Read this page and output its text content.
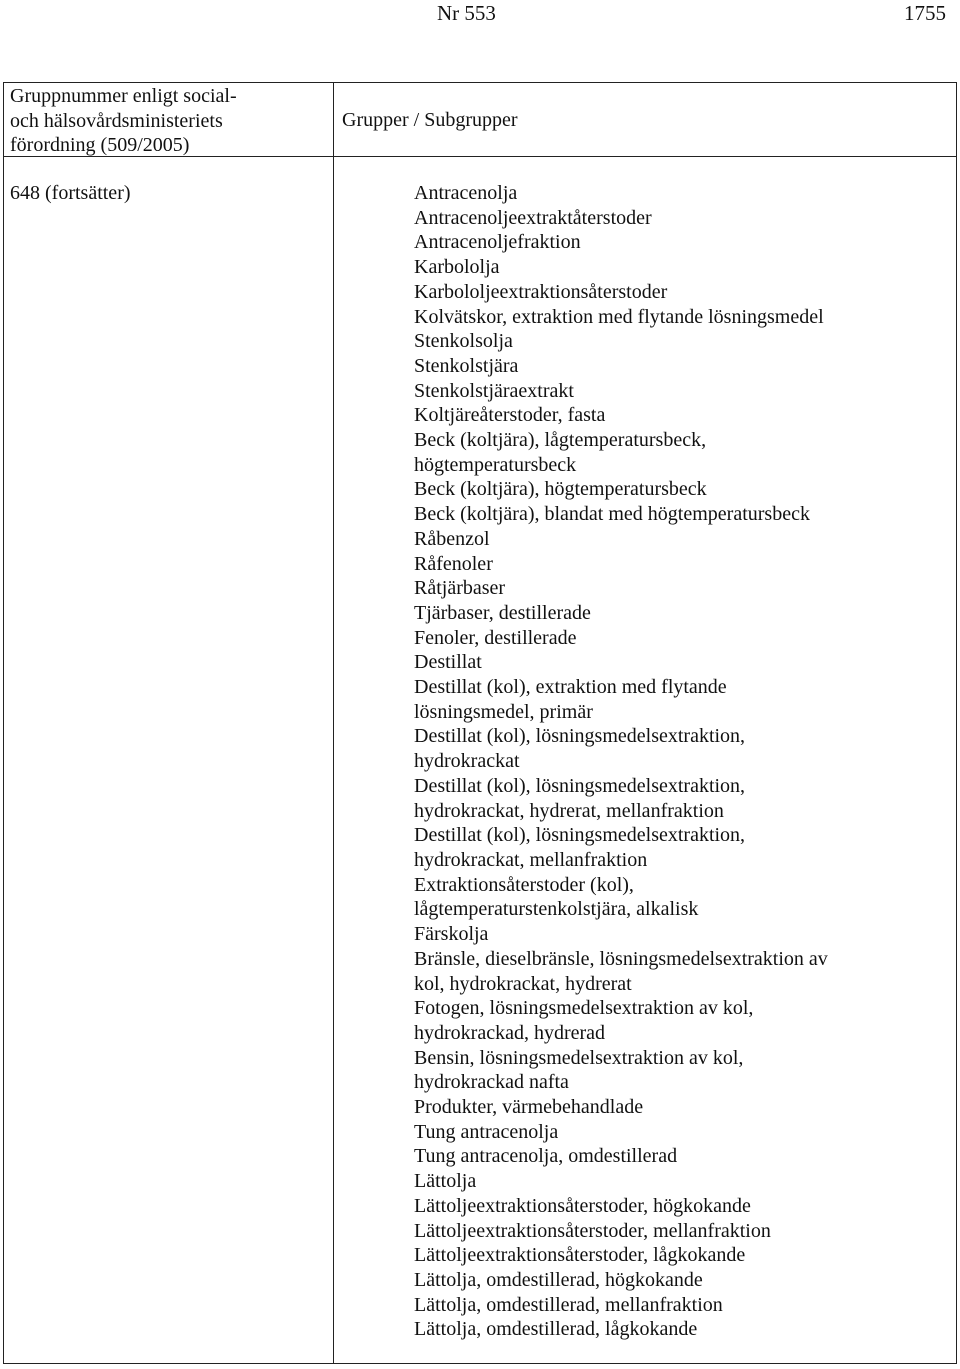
Nr 553	1755
Gruppnummer enligt social-
och hälsovårdsministeriets
förordning (509/2005)
Grupper / Subgrupper
648 (fortsätter)	Antracenolja
Antracenoljeextraktåterstoder
Antracenoljefraktion
Karbololja
Karbololjeextraktionsåterstoder
Kolvätskor, extraktion med flytande lösningsmedel
Stenkolsolja
Stenkolstjära
Stenkolstjäraextrakt
Koltjäreåterstoder, fasta
Beck (koltjära), lågtemperatursbeck,
högtemperatursbeck
Beck (koltjära), högtemperatursbeck
Beck (koltjära), blandat med högtemperatursbeck
Råbenzol
Råfenoler
Råtjärbaser
Tjärbaser, destillerade
Fenoler, destillerade
Destillat
Destillat (kol), extraktion med flytande
lösningsmedel, primär
Destillat (kol), lösningsmedelsextraktion,
hydrokrackat
Destillat (kol), lösningsmedelsextraktion,
hydrokrackat, hydrerat, mellanfraktion
Destillat (kol), lösningsmedelsextraktion,
hydrokrackat, mellanfraktion
Extraktionsåterstoder (kol),
lågtemperaturstenkolstjära, alkalisk
Färskolja
Bränsle, dieselbränsle, lösningsmedelsextraktion av
kol, hydrokrackat, hydrerat
Fotogen, lösningsmedelsextraktion av kol,
hydrokrackad, hydrerad
Bensin, lösningsmedelsextraktion av kol,
hydrokrackad nafta
Produkter, värmebehandlade
Tung antracenolja
Tung antracenolja, omdestillerad
Lättolja
Lättoljeextraktionsåterstoder, högkokande
Lättoljeextraktionsåterstoder, mellanfraktion
Lättoljeextraktionsåterstoder, lågkokande
Lättolja, omdestillerad, högkokande
Lättolja, omdestillerad, mellanfraktion
Lättolja, omdestillerad, lågkokande
